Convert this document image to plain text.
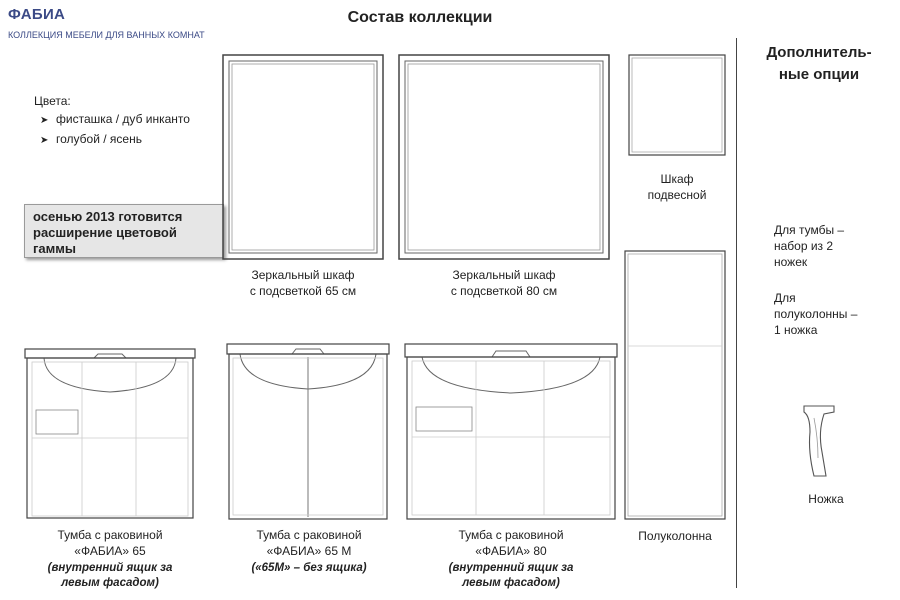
ФАБИА
КОЛЛЕКЦИЯ МЕБЕЛИ ДЛЯ ВАННЫХ КОМНАТ
Состав коллекции
Цвета:
➤ фисташка / дуб инканто
➤ голубой / ясень
осенью 2013 готовится расширение цветовой гаммы
Зеркальный шкаф
с подсветкой 65 см
Зеркальный шкаф
с подсветкой 80 см
Шкаф
подвесной
Полуколонна
Тумба с раковиной
«ФАБИА» 65
(внутренний ящик за
левым фасадом)
Тумба с раковиной
«ФАБИА» 65 М
(«65М» – без ящика)
Тумба с раковиной
«ФАБИА» 80
(внутренний ящик за
левым фасадом)
Дополнитель-
ные опции
Для тумбы –
набор из 2
ножек
Для
полуколонны –
1 ножка
Ножка
